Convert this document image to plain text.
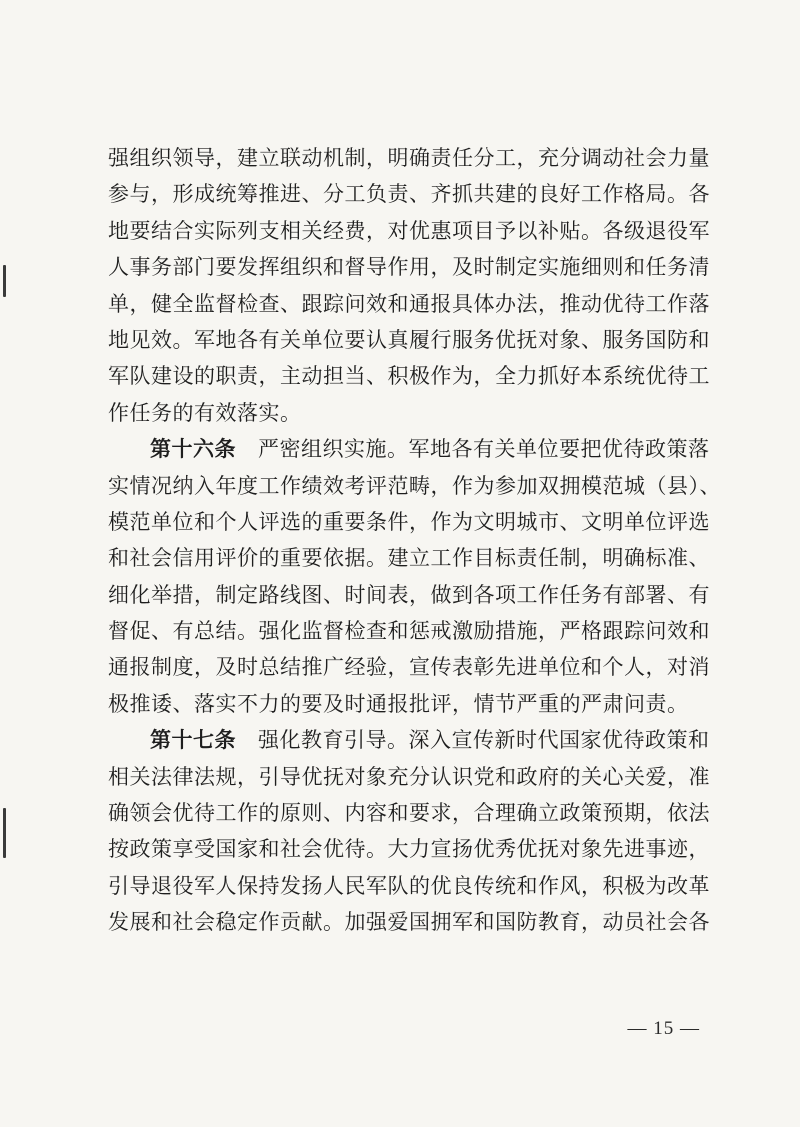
强组织领导，建立联动机制，明确责任分工，充分调动社会力量
参与，形成统筹推进、分工负责、齐抓共建的良好工作格局。各
地要结合实际列支相关经费，对优惠项目予以补贴。各级退役军
人事务部门要发挥组织和督导作用，及时制定实施细则和任务清
单，健全监督检查、跟踪问效和通报具体办法，推动优待工作落
地见效。军地各有关单位要认真履行服务优抚对象、服务国防和
军队建设的职责，主动担当、积极作为，全力抓好本系统优待工
作任务的有效落实。
第十六条 严密组织实施。军地各有关单位要把优待政策落
实情况纳入年度工作绩效考评范畴，作为参加双拥模范城（县）、
模范单位和个人评选的重要条件，作为文明城市、文明单位评选
和社会信用评价的重要依据。建立工作目标责任制，明确标准、
细化举措，制定路线图、时间表，做到各项工作任务有部署、有
督促、有总结。强化监督检查和惩戒激励措施，严格跟踪问效和
通报制度，及时总结推广经验，宣传表彰先进单位和个人，对消
极推诿、落实不力的要及时通报批评，情节严重的严肃问责。
第十七条 强化教育引导。深入宣传新时代国家优待政策和
相关法律法规，引导优抚对象充分认识党和政府的关心关爱，准
确领会优待工作的原则、内容和要求，合理确立政策预期，依法
按政策享受国家和社会优待。大力宣扬优秀优抚对象先进事迹，
引导退役军人保持发扬人民军队的优良传统和作风，积极为改革
发展和社会稳定作贡献。加强爱国拥军和国防教育，动员社会各
— 15 —
